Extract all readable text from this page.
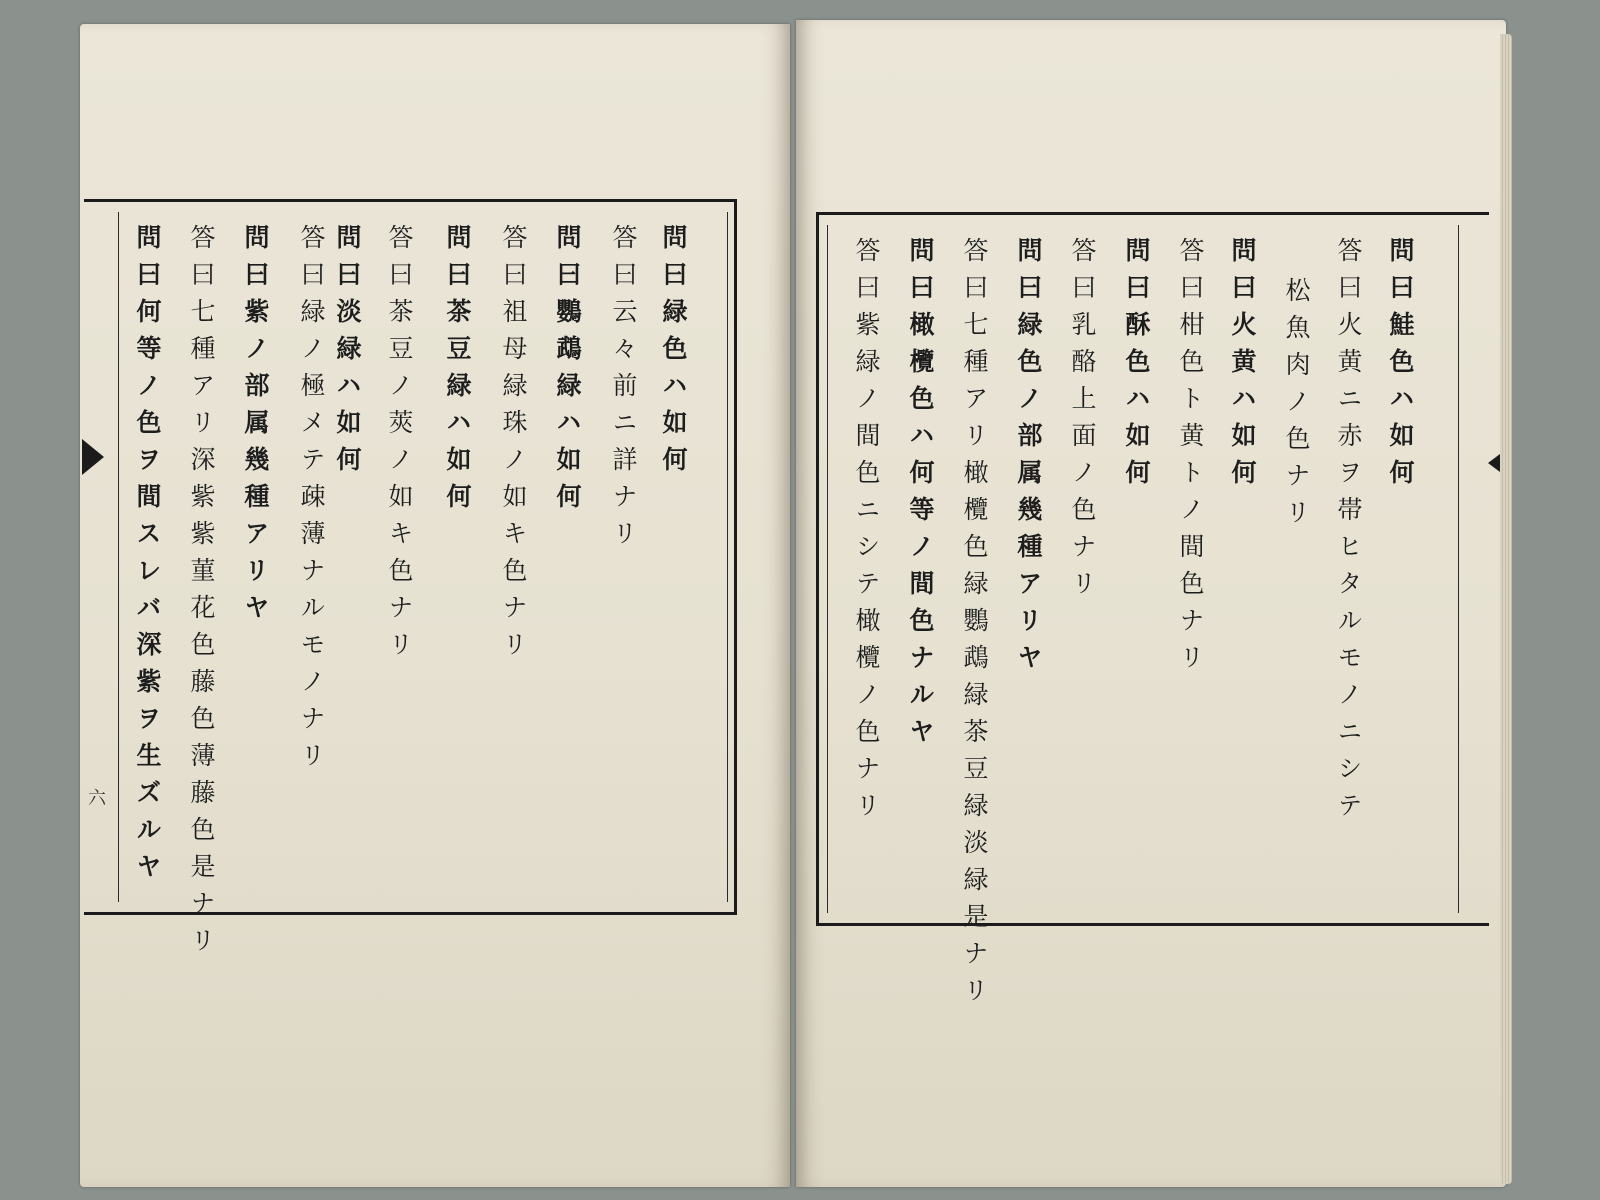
六
問曰緑色ハ如何
答曰云々前ニ詳ナリ
問曰鸚鵡緑ハ如何
答曰祖母緑珠ノ如キ色ナリ
問曰茶豆緑ハ如何
答曰茶豆ノ莢ノ如キ色ナリ
問曰淡緑ハ如何
答曰緑ノ極メテ疎薄ナルモノナリ
問曰紫ノ部属幾種アリヤ
答曰七種アリ深紫紫菫花色藤色薄藤色是ナリ
問曰何等ノ色ヲ間スレバ深紫ヲ生ズルヤ	問曰鮭色ハ如何
答曰火黄ニ赤ヲ帯ヒタルモノニシテ
松魚肉ノ色ナリ
問曰火黄ハ如何
答曰柑色ト黄トノ間色ナリ
問曰酥色ハ如何
答曰乳酪上面ノ色ナリ
問曰緑色ノ部属幾種アリヤ
答曰七種アリ橄欖色緑鸚鵡緑茶豆緑淡緑是ナリ
問曰橄欖色ハ何等ノ間色ナルヤ
答曰紫緑ノ間色ニシテ橄欖ノ色ナリ
